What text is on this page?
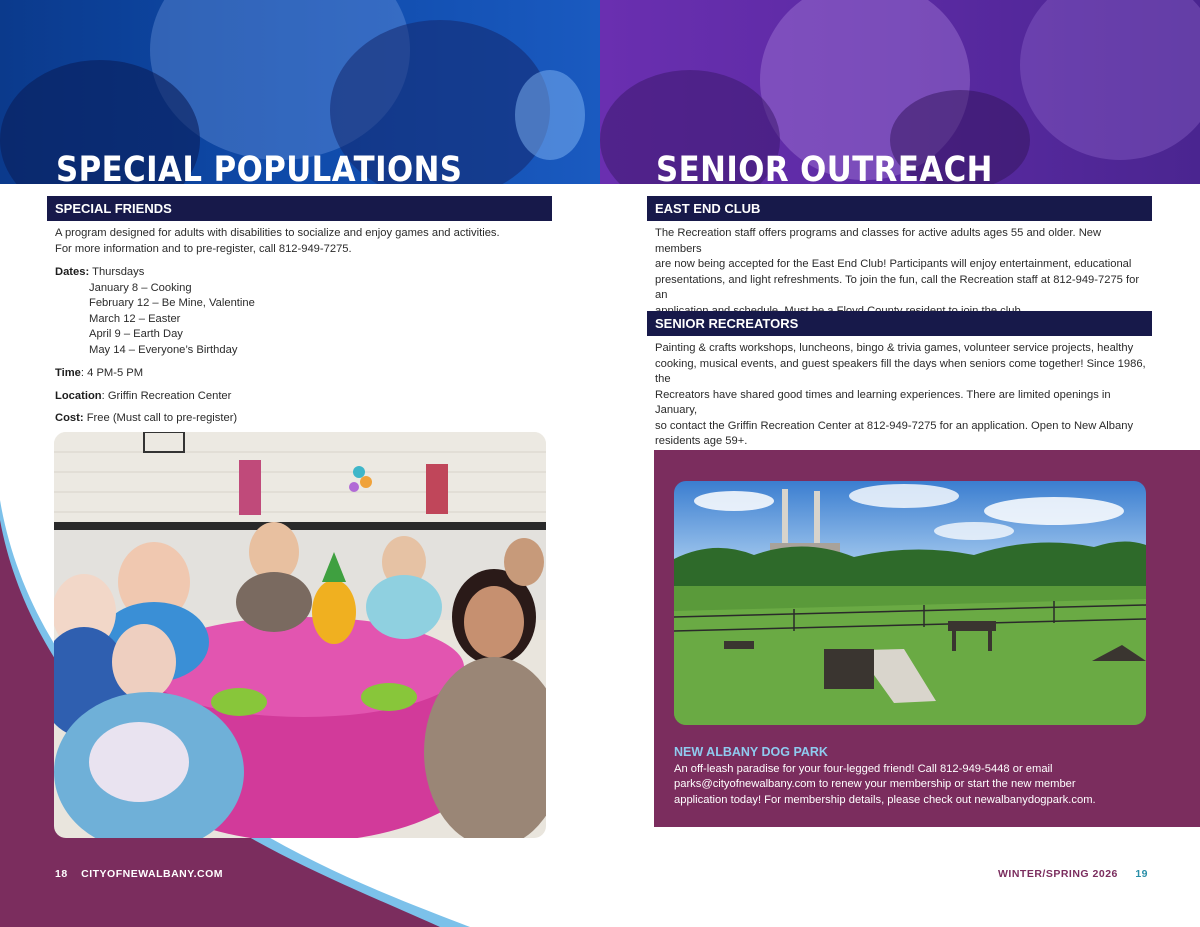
SPECIAL POPULATIONS	SENIOR OUTREACH
SPECIAL FRIENDS
A program designed for adults with disabilities to socialize and enjoy games and activities.
For more information and to pre-register, call 812-949-7275.
Dates: Thursdays
January 8 – Cooking
February 12 – Be Mine, Valentine
March 12 – Easter
April 9 – Earth Day
May 14 – Everyone’s Birthday
Time: 4 PM-5 PM
Location: Griffin Recreation Center
Cost: Free (Must call to pre-register)
EAST END CLUB
The Recreation staff offers programs and classes for active adults ages 55 and older. New members
are now being accepted for the East End Club! Participants will enjoy entertainment, educational
presentations, and light refreshments. To join the fun, call the Recreation staff at 812-949-7275 for an
SENIOR RECREATORS
Painting & crafts workshops, luncheons, bingo & trivia games, volunteer service projects, healthy
cooking, musical events, and guest speakers fill the days when seniors come together! Since 1986, the
Recreators have shared good times and learning experiences. There are limited openings in January,
so contact the Griffin Recreation Center at 812-949-7275 for an application. Open to New Albany
residents age 59+.
NEW ALBANY DOG PARK
An off-leash paradise for your four-legged friend! Call 812-949-5448 or email
parks@cityofnewalbany.com to renew your membership or start the new member
application today! For membership details, please check out newalbanydogpark.com.
18 CITYOFNEWALBANY.COM	WINTER/SPRING 2026 19
